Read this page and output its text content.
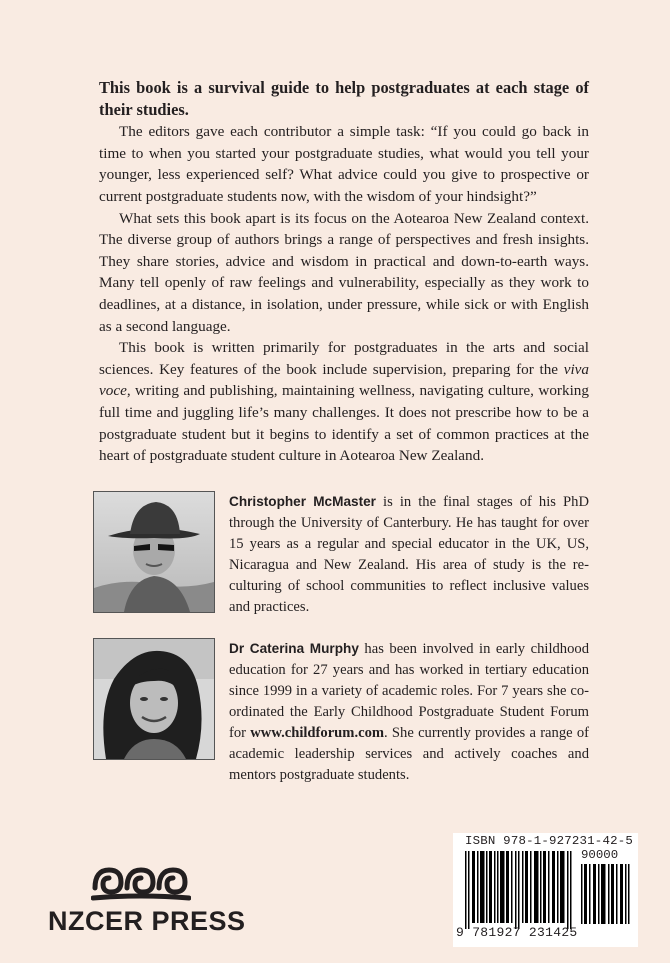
This book is a survival guide to help postgraduates at each stage of their studies.

The editors gave each contributor a simple task: “If you could go back in time to when you started your postgraduate studies, what would you tell your younger, less experienced self? What advice could you give to prospective or current postgraduate students now, with the wisdom of your hindsight?”

What sets this book apart is its focus on the Aotearoa New Zealand context. The diverse group of authors brings a range of perspectives and fresh insights. They share stories, advice and wisdom in practical and down-to-earth ways. Many tell openly of raw feelings and vulnerability, especially as they work to deadlines, at a distance, in isolation, under pressure, while sick or with English as a second language.

This book is written primarily for postgraduates in the arts and social sciences. Key features of the book include supervision, preparing for the viva voce, writing and publishing, maintaining wellness, navigating culture, working full time and juggling life’s many challenges. It does not prescribe how to be a postgraduate student but it begins to identify a set of common practices at the heart of postgraduate student culture in Aotearoa New Zealand.

Christopher McMaster is in the final stages of his PhD through the University of Canterbury. He has taught for over 15 years as a regular and special educator in the UK, US, Nicaragua and New Zealand. His area of study is the re-culturing of school communities to reflect inclusive values and practices.
Dr Caterina Murphy has been involved in early childhood education for 27 years and has worked in tertiary education since 1999 in a variety of academic roles. For 7 years she co-ordinated the Early Childhood Postgraduate Student Forum for www.childforum.com. She currently provides a range of academic leadership services and actively coaches and mentors postgraduate students.
NZCER PRESS
ISBN 978-1-927231-42-5
90000
9 781927 231425
